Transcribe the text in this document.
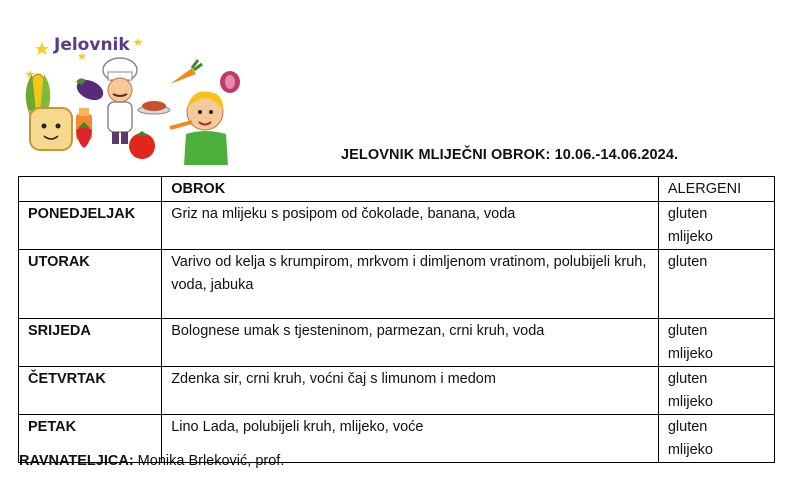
Jelovnik
JELOVNIK MLIJEČNI OBROK: 10.06.-14.06.2024.
	OBROK	ALERGENI
PONEDJELJAK	Griz na mlijeku s posipom od čokolade, banana, voda	gluten
mlijeko

UTORAK	Varivo od kelja s krumpirom, mrkvom i dimljenom vratinom, polubijeli kruh, voda, jabuka	gluten

SRIJEDA	Bolognese umak s tjesteninom, parmezan, crni kruh, voda	gluten
mlijeko

ČETVRTAK	Zdenka sir, crni kruh, voćni čaj s limunom i medom	gluten
mlijeko

PETAK	Lino Lada, polubijeli kruh, mlijeko, voće	gluten
mlijeko
RAVNATELJICA: Monika Brleković, prof.
